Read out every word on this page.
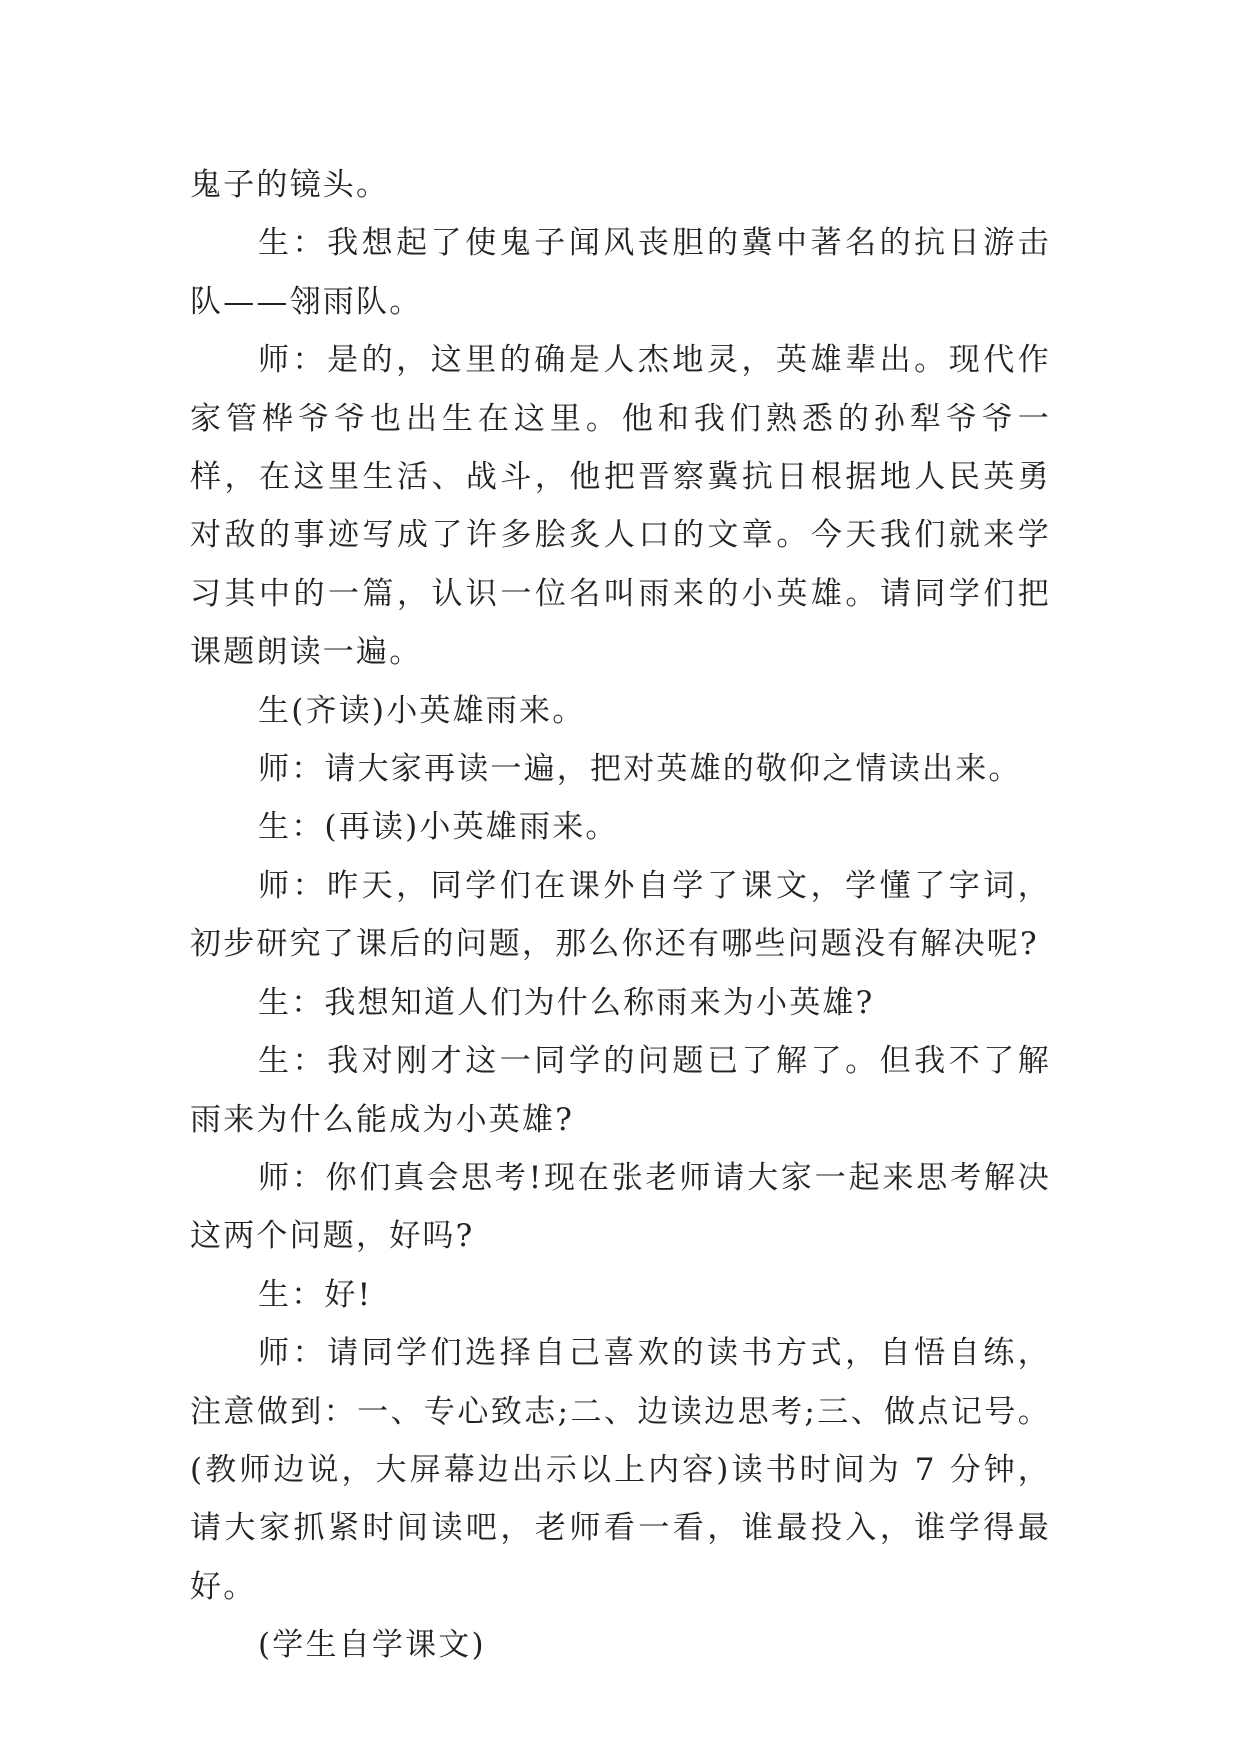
鬼子的镜头。

生：我想起了使鬼子闻风丧胆的冀中著名的抗日游击队——翎雨队。

师：是的，这里的确是人杰地灵，英雄辈出。现代作家管桦爷爷也出生在这里。他和我们熟悉的孙犁爷爷一样，在这里生活、战斗，他把晋察冀抗日根据地人民英勇对敌的事迹写成了许多脍炙人口的文章。今天我们就来学习其中的一篇，认识一位名叫雨来的小英雄。请同学们把课题朗读一遍。

生(齐读)小英雄雨来。

师：请大家再读一遍，把对英雄的敬仰之情读出来。

生：(再读)小英雄雨来。

师：昨天，同学们在课外自学了课文，学懂了字词，初步研究了课后的问题，那么你还有哪些问题没有解决呢?

生：我想知道人们为什么称雨来为小英雄?

生：我对刚才这一同学的问题已了解了。但我不了解雨来为什么能成为小英雄?

师：你们真会思考!现在张老师请大家一起来思考解决这两个问题，好吗?

生：好!

师：请同学们选择自己喜欢的读书方式，自悟自练，注意做到：一、专心致志;二、边读边思考;三、做点记号。(教师边说，大屏幕边出示以上内容)读书时间为 7 分钟，请大家抓紧时间读吧，老师看一看，谁最投入，谁学得最好。

(学生自学课文)
